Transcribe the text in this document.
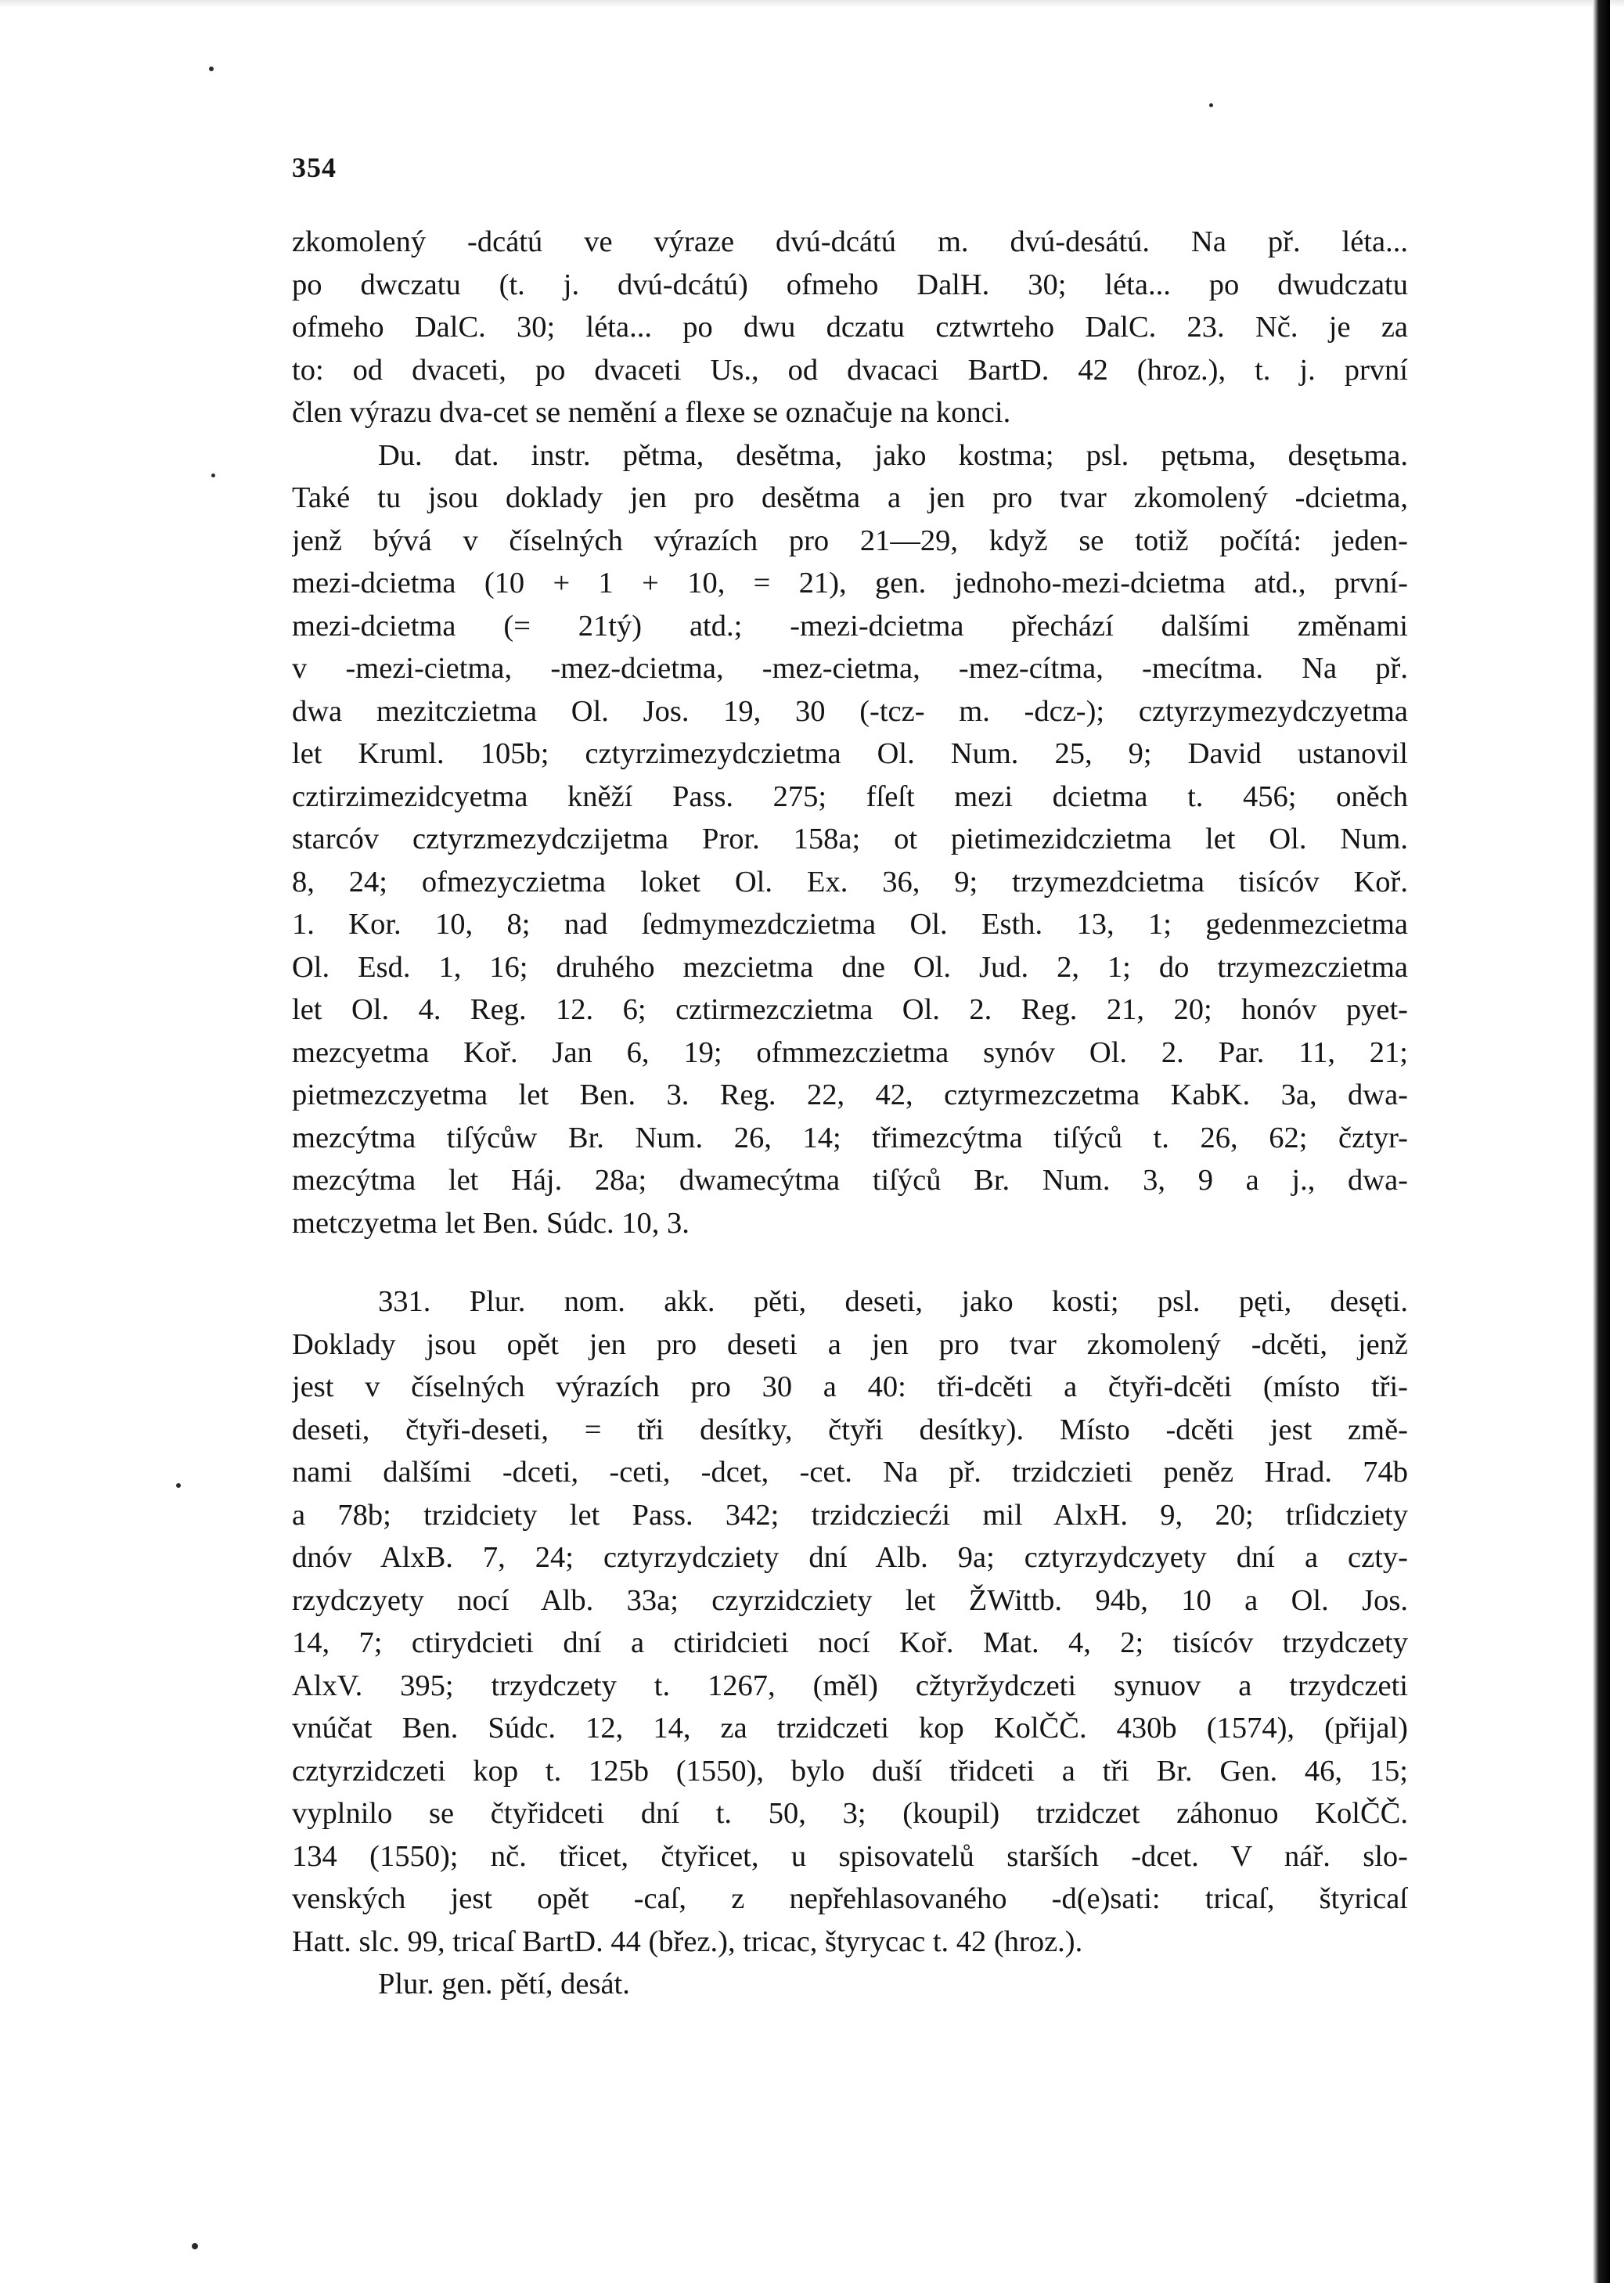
354
zkomolený -dcátú ve výraze dvú-dcátú m. dvú-desátú. Na př. léta...
po dwczatu (t. j. dvú-dcátú) ofmeho DalH. 30; léta... po dwudczatu
ofmeho DalC. 30; léta... po dwu dczatu cztwrteho DalC. 23. Nč. je za
to: od dvaceti, po dvaceti Us., od dvacaci BartD. 42 (hroz.), t. j. první
člen výrazu dva-cet se nemění a flexe se označuje na konci.
Du. dat. instr. pětma, desětma, jako kostma; psl. pętьma, desętьma.
Také tu jsou doklady jen pro desětma a jen pro tvar zkomolený -dcietma,
jenž bývá v číselných výrazích pro 21—29, když se totiž počítá: jeden-
mezi-dcietma (10 + 1 + 10, = 21), gen. jednoho-mezi-dcietma atd., první-
mezi-dcietma (= 21tý) atd.; -mezi-dcietma přechází dalšími změnami
v -mezi-cietma, -mez-dcietma, -mez-cietma, -mez-cítma, -mecítma. Na př.
dwa mezitczietma Ol. Jos. 19, 30 (-tcz- m. -dcz-); cztyrzymezydczyetma
let Kruml. 105b; cztyrzimezydczietma Ol. Num. 25, 9; David ustanovil
cztirzimezidcyetma kněží Pass. 275; fſeſt mezi dcietma t. 456; oněch
starcóv cztyrzmezydczijetma Pror. 158a; ot pietimezidczietma let Ol. Num.
8, 24; ofmezyczietma loket Ol. Ex. 36, 9; trzymezdcietma tisícóv Koř.
1. Kor. 10, 8; nad ſedmymezdczietma Ol. Esth. 13, 1; gedenmezcietma
Ol. Esd. 1, 16; druhého mezcietma dne Ol. Jud. 2, 1; do trzymezczietma
let Ol. 4. Reg. 12. 6; cztirmezczietma Ol. 2. Reg. 21, 20; honóv pyet-
mezcyetma Koř. Jan 6, 19; ofmmezczietma synóv Ol. 2. Par. 11, 21;
pietmezczyetma let Ben. 3. Reg. 22, 42, cztyrmezczetma KabK. 3a, dwa-
mezcýtma tiſýcůw Br. Num. 26, 14; třimezcýtma tiſýců t. 26, 62; čztyr-
mezcýtma let Háj. 28a; dwamecýtma tiſýců Br. Num. 3, 9 a j., dwa-
metczyetma let Ben. Súdc. 10, 3.
331. Plur. nom. akk. pěti, deseti, jako kosti; psl. pęti, desęti.
Doklady jsou opět jen pro deseti a jen pro tvar zkomolený -dcěti, jenž
jest v číselných výrazích pro 30 a 40: tři-dcěti a čtyři-dcěti (místo tři-
deseti, čtyři-deseti, = tři desítky, čtyři desítky). Místo -dcěti jest změ-
nami dalšími -dceti, -ceti, -dcet, -cet. Na př. trzidczieti peněz Hrad. 74b
a 78b; trzidciety let Pass. 342; trzidcziecźi mil AlxH. 9, 20; trſidcziety
dnóv AlxB. 7, 24; cztyrzydcziety dní Alb. 9a; cztyrzydczyety dní a czty-
rzydczyety nocí Alb. 33a; czyrzidcziety let ŽWittb. 94b, 10 a Ol. Jos.
14, 7; ctirydcieti dní a ctiridcieti nocí Koř. Mat. 4, 2; tisícóv trzydczety
AlxV. 395; trzydczety t. 1267, (měl) cžtyržydczeti synuov a trzydczeti
vnúčat Ben. Súdc. 12, 14, za trzidczeti kop KolČČ. 430b (1574), (přijal)
cztyrzidczeti kop t. 125b (1550), bylo duší třidceti a tři Br. Gen. 46, 15;
vyplnilo se čtyřidceti dní t. 50, 3; (koupil) trzidczet záhonuo KolČČ.
134 (1550); nč. třicet, čtyřicet, u spisovatelů starších -dcet. V nář. slo-
venských jest opět -caſ, z nepřehlasovaného -d(e)sati: tricaſ, štyricaſ
Hatt. slc. 99, tricaſ BartD. 44 (břez.), tricac, štyrycac t. 42 (hroz.).
Plur. gen. pětí, desát.
